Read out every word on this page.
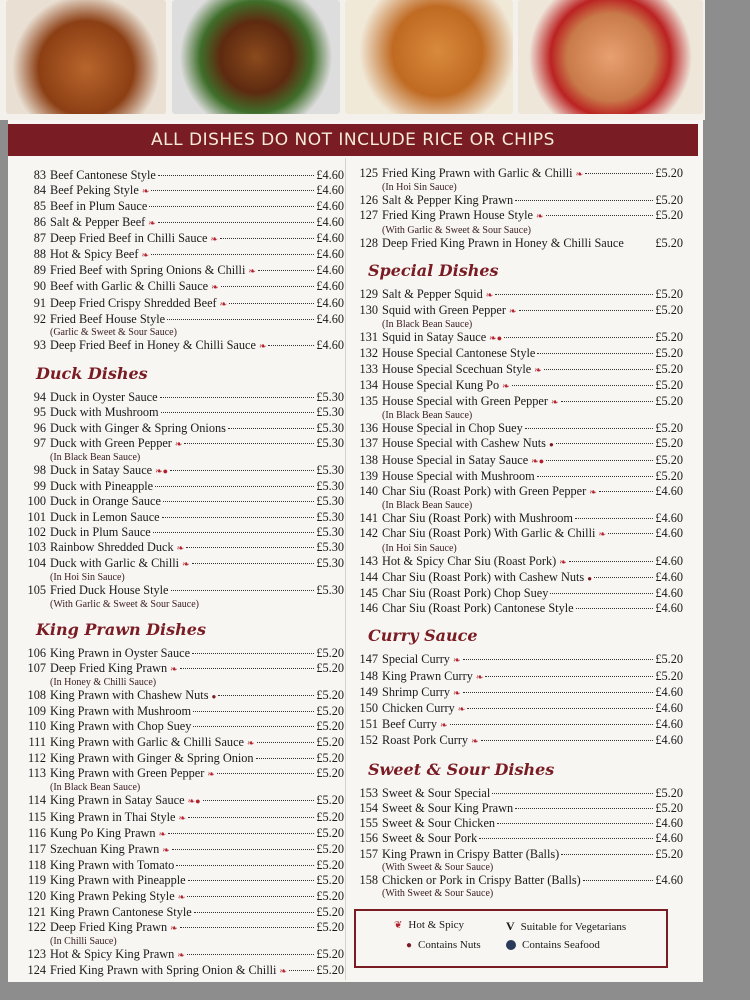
ALL DISHES DO NOT INCLUDE RICE OR CHIPS
83 Beef Cantonese Style	£4.60
84 Beef Peking Style ❧	£4.60
85 Beef in Plum Sauce	£4.60
86 Salt & Pepper Beef ❧	£4.60
87 Deep Fried Beef in Chilli Sauce ❧	£4.60
88 Hot & Spicy Beef ❧	£4.60
89 Fried Beef with Spring Onions & Chilli ❧	£4.60
90 Beef with Garlic & Chilli Sauce ❧	£4.60
91 Deep Fried Crispy Shredded Beef ❧	£4.60
92 Fried Beef House Style	£4.60
(Garlic & Sweet & Sour Sauce)
93 Deep Fried Beef in Honey & Chilli Sauce ❧	£4.60
Duck Dishes
94 Duck in Oyster Sauce	£5.30
95 Duck with Mushroom	£5.30
96 Duck with Ginger & Spring Onions	£5.30
97 Duck with Green Pepper ❧	£5.30
(In Black Bean Sauce)
98 Duck in Satay Sauce ❧●	£5.30
99 Duck with Pineapple	£5.30
100 Duck in Orange Sauce	£5.30
101 Duck in Lemon Sauce	£5.30
102 Duck in Plum Sauce	£5.30
103 Rainbow Shredded Duck ❧	£5.30
104 Duck with Garlic & Chilli ❧	£5.30
(In Hoi Sin Sauce)
105 Fried Duck House Style	£5.30
(With Garlic & Sweet & Sour Sauce)
King Prawn Dishes
106 King Prawn in Oyster Sauce	£5.20
107 Deep Fried King Prawn ❧	£5.20
(In Honey & Chilli Sauce)
108 King Prawn with Chashew Nuts ●	£5.20
109 King Prawn with Mushroom	£5.20
110 King Prawn with Chop Suey	£5.20
111 King Prawn with Garlic & Chilli Sauce ❧	£5.20
112 King Prawn with Ginger & Spring Onion	£5.20
113 King Prawn with Green Pepper ❧	£5.20
(In Black Bean Sauce)
114 King Prawn in Satay Sauce ❧●	£5.20
115 King Prawn in Thai Style ❧	£5.20
116 Kung Po King Prawn ❧	£5.20
117 Szechuan King Prawn ❧	£5.20
118 King Prawn with Tomato	£5.20
119 King Prawn with Pineapple	£5.20
120 King Prawn Peking Style ❧	£5.20
121 King Prawn Cantonese Style	£5.20
122 Deep Fried King Prawn ❧	£5.20
(In Chilli Sauce)
123 Hot & Spicy King Prawn ❧	£5.20
124 Fried King Prawn with Spring Onion & Chilli ❧ £5.20
125 Fried King Prawn with Garlic & Chilli ❧	£5.20
(In Hoi Sin Sauce)
126 Salt & Pepper King Prawn	£5.20
127 Fried King Prawn House Style ❧	£5.20
(With Garlic & Sweet & Sour Sauce)
128 Deep Fried King Prawn in Honey & Chilli Sauce	£5.20
Special Dishes
129 Salt & Pepper Squid ❧	£5.20
130 Squid with Green Pepper ❧	£5.20
(In Black Bean Sauce)
131 Squid in Satay Sauce ❧●	£5.20
132 House Special Cantonese Style	£5.20
133 House Special Scechuan Style ❧	£5.20
134 House Special Kung Po ❧	£5.20
135 House Special with Green Pepper ❧	£5.20
(In Black Bean Sauce)
136 House Special in Chop Suey	£5.20
137 House Special with Cashew Nuts ●	£5.20
138 House Special in Satay Sauce ❧●	£5.20
139 House Special with Mushroom	£5.20
140 Char Siu (Roast Pork) with Green Pepper ❧	£4.60
(In Black Bean Sauce)
141 Char Siu (Roast Pork) with Mushroom	£4.60
142 Char Siu (Roast Pork) With Garlic & Chilli ❧	£4.60
(In Hoi Sin Sauce)
143 Hot & Spicy Char Siu (Roast Pork) ❧	£4.60
144 Char Siu (Roast Pork) with Cashew Nuts ●	£4.60
145 Char Siu (Roast Pork) Chop Suey	£4.60
146 Char Siu (Roast Pork) Cantonese Style	£4.60
Curry Sauce
147 Special Curry ❧	£5.20
148 King Prawn Curry ❧	£5.20
149 Shrimp Curry ❧	£4.60
150 Chicken Curry ❧	£4.60
151 Beef Curry ❧	£4.60
152 Roast Pork Curry ❧	£4.60
Sweet & Sour Dishes
153 Sweet & Sour Special	£5.20
154 Sweet & Sour King Prawn	£5.20
155 Sweet & Sour Chicken	£4.60
156 Sweet & Sour Pork	£4.60
157 King Prawn in Crispy Batter (Balls)	£5.20
(With Sweet & Sour Sauce)
158 Chicken or Pork in Crispy Batter (Balls)	£4.60
(With Sweet & Sour Sauce)
❦ Hot & Spicy	V Suitable for Vegetarians
● Contains Nuts	Contains Seafood
